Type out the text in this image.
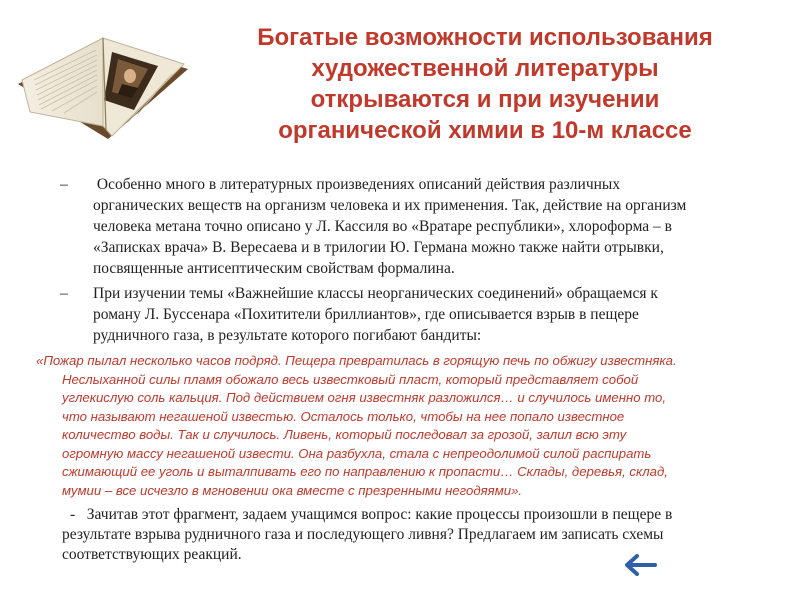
Богатые возможности использования
художественной литературы
открываются и при изучении
органической химии в 10-м классе
– Особенно много в литературных произведениях описаний действия различных
органических веществ на организм человека и их применения. Так, действие на организм
человека метана точно описано у Л. Кассиля во «Вратаре республики», хлороформа – в
«Записках врача» В. Вересаева и в трилогии Ю. Германа можно также найти отрывки,
посвященные антисептическим свойствам формалина.
– При изучении темы «Важнейшие классы неорганических соединений» обращаемся к
роману Л. Буссенара «Похитители бриллиантов», где описывается взрыв в пещере
рудничного газа, в результате которого погибают бандиты:
«Пожар пылал несколько часов подряд. Пещера превратилась в горящую печь по обжигу известняка.
Неслыханной силы пламя обожало весь известковый пласт, который представляет собой
углекислую соль кальция. Под действием огня известняк разложился… и случилось именно то,
что называют негашеной известью. Осталось только, чтобы на нее попало известное
количество воды. Так и случилось. Ливень, который последовал за грозой, залил всю эту
огромную массу негашеной извести. Она разбухла, стала с непреодолимой силой распирать
сжимающий ее уголь и выталпивать его по направлению к пропасти… Склады, деревья, склад,
мумии – все исчезло в мгновении ока вместе с презренными негодяями».
-   Зачитав этот фрагмент, задаем учащимся вопрос: какие процессы произошли в пещере в
результате взрыва рудничного газа и последующего ливня? Предлагаем им записать схемы
соответствующих реакций.
